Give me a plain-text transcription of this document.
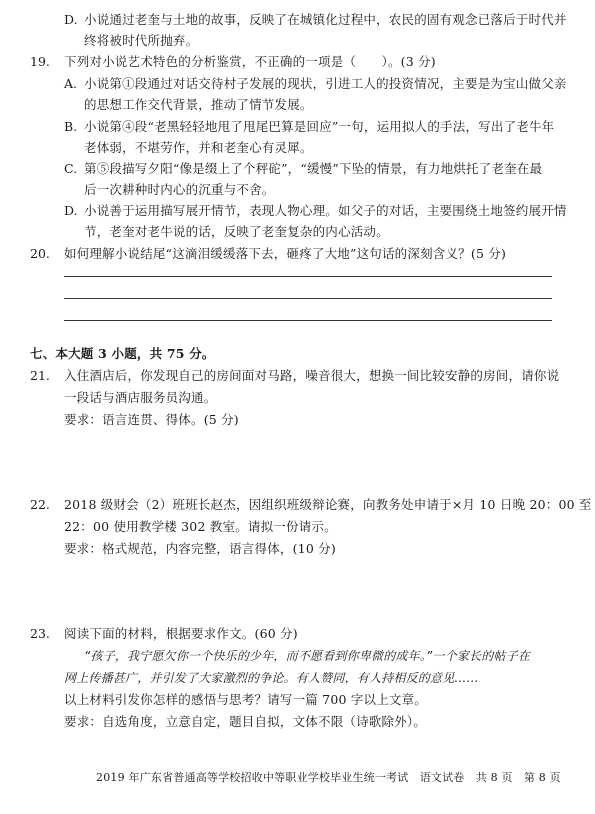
D. 小说通过老奎与土地的故事，反映了在城镇化过程中，农民的固有观念已落后于时代并
终将被时代所抛弃。
19. 下列对小说艺术特色的分析鉴赏，不正确的一项是（　　）。(3 分)
A. 小说第①段通过对话交待村子发展的现状，引进工人的投资情况，主要是为宝山做父亲
的思想工作交代背景，推动了情节发展。
B. 小说第④段“老黑轻轻地甩了甩尾巴算是回应”一句，运用拟人的手法，写出了老牛年
老体弱，不堪劳作，并和老奎心有灵犀。
C. 第⑤段描写夕阳“像是缀上了个秤砣”，“缓慢”下坠的情景，有力地烘托了老奎在最
后一次耕种时内心的沉重与不舍。
D. 小说善于运用描写展开情节，表现人物心理。如父子的对话，主要围绕土地签约展开情
节，老奎对老牛说的话，反映了老奎复杂的内心活动。
20. 如何理解小说结尾“这滴泪缓缓落下去，砸疼了大地”这句话的深刻含义？(5 分)
七、本大题 3 小题，共 75 分。
21. 入住酒店后，你发现自己的房间面对马路，噪音很大，想换一间比较安静的房间，请你说
一段话与酒店服务员沟通。
要求：语言连贯、得体。(5 分)
22. 2018 级财会（2）班班长赵杰，因组织班级辩论赛，向教务处申请于×月 10 日晚 20：00 至
22：00 使用教学楼 302 教室。请拟一份请示。
要求：格式规范，内容完整，语言得体，(10 分)
23. 阅读下面的材料，根据要求作文。(60 分)
“孩子，我宁愿欠你一个快乐的少年，而不愿看到你卑微的成年。”一个家长的帖子在
网上传播甚广，并引发了大家激烈的争论。有人赞同，有人持相反的意见……
以上材料引发你怎样的感悟与思考？请写一篇 700 字以上文章。
要求：自选角度，立意自定，题目自拟，文体不限（诗歌除外）。
2019 年广东省普通高等学校招收中等职业学校毕业生统一考试　语文试卷　共 8 页　第 8 页
